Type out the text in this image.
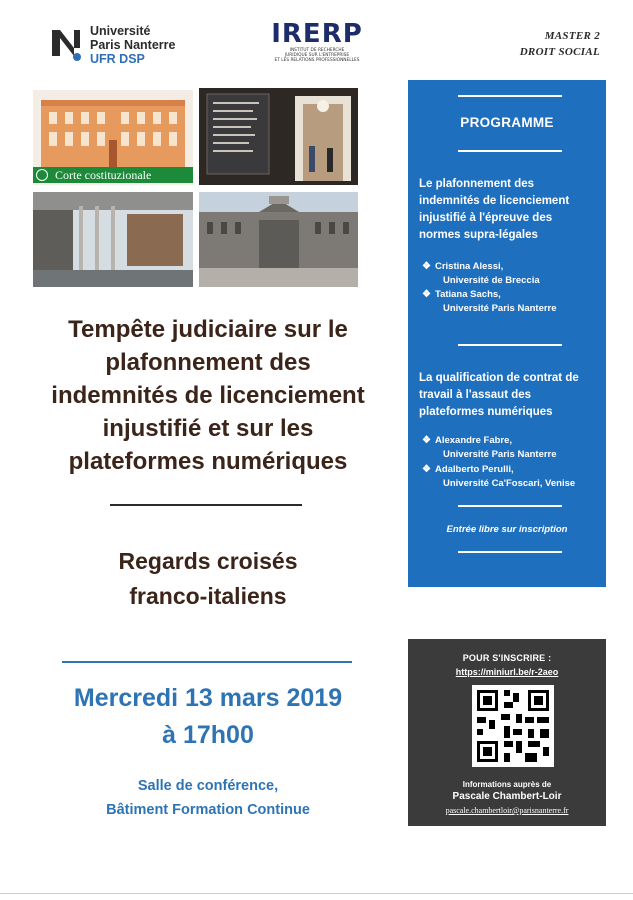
Université
Paris Nanterre
UFR DSP
IRERP
INSTITUT DE RECHERCHE
JURIDIQUE SUR L'ENTREPRISE
ET LES RELATIONS PROFESSIONNELLES
MASTER 2
DROIT SOCIAL
Corte costituzionale
Tempête judiciaire sur le
plafonnement des
indemnités de licenciement
injustifié et sur les
plateformes numériques
Regards croisés
franco-italiens
Mercredi 13 mars 2019
à 17h00
Salle de conférence,
Bâtiment Formation Continue
PROGRAMME
Le plafonnement des
indemnités de licenciement
injustifié à l'épreuve des
normes supra-légales
❖ Cristina Alessi,
Université de Breccia
❖ Tatiana Sachs,
Université Paris Nanterre
La qualification de contrat de
travail à l'assaut des
plateformes numériques
❖ Alexandre Fabre,
Université Paris Nanterre
❖ Adalberto Perulli,
Université Ca'Foscari, Venise
Entrée libre sur inscription
POUR S'INSCRIRE :
https://miniurl.be/r-2aeo
Informations auprès de
Pascale Chambert-Loir
pascale.chambertloir@parisnanterre.fr
